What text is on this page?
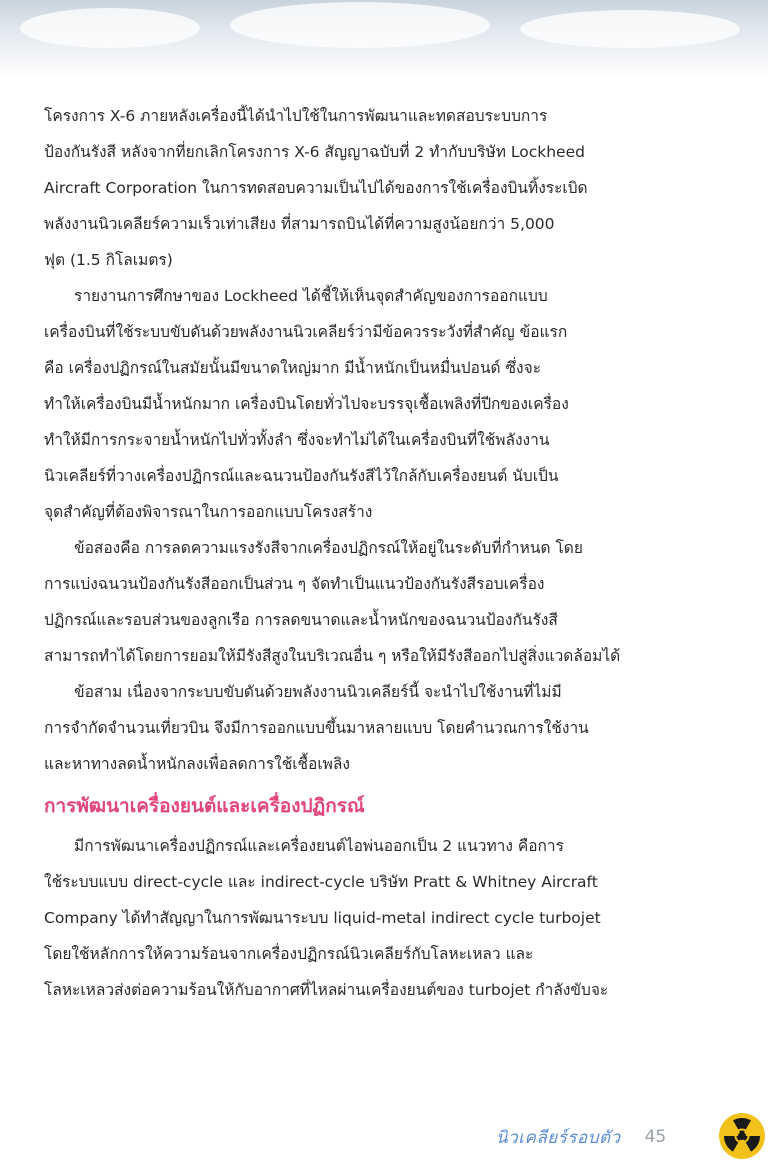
โครงการ X-6 ภายหลังเครื่องนี้ได้นำไปใช้ในการพัฒนาและทดสอบระบบการ
ป้องกันรังสี หลังจากที่ยกเลิกโครงการ X-6 สัญญาฉบับที่ 2 ทำกับบริษัท Lockheed
Aircraft Corporation ในการทดสอบความเป็นไปได้ของการใช้เครื่องบินทิ้งระเบิด
พลังงานนิวเคลียร์ความเร็วเท่าเสียง ที่สามารถบินได้ที่ความสูงน้อยกว่า 5,000
ฟุต (1.5 กิโลเมตร)

รายงานการศึกษาของ Lockheed ได้ชี้ให้เห็นจุดสำคัญของการออกแบบ
เครื่องบินที่ใช้ระบบขับดันด้วยพลังงานนิวเคลียร์ว่ามีข้อควรระวังที่สำคัญ ข้อแรก
คือ เครื่องปฏิกรณ์ในสมัยนั้นมีขนาดใหญ่มาก มีน้ำหนักเป็นหมื่นปอนด์ ซึ่งจะ
ทำให้เครื่องบินมีน้ำหนักมาก เครื่องบินโดยทั่วไปจะบรรจุเชื้อเพลิงที่ปีกของเครื่อง
ทำให้มีการกระจายน้ำหนักไปทั่วทั้งลำ ซึ่งจะทำไม่ได้ในเครื่องบินที่ใช้พลังงาน
นิวเคลียร์ที่วางเครื่องปฏิกรณ์และฉนวนป้องกันรังสีไว้ใกล้กับเครื่องยนต์ นับเป็น
จุดสำคัญที่ต้องพิจารณาในการออกแบบโครงสร้าง

ข้อสองคือ การลดความแรงรังสีจากเครื่องปฏิกรณ์ให้อยู่ในระดับที่กำหนด โดย
การแบ่งฉนวนป้องกันรังสีออกเป็นส่วน ๆ จัดทำเป็นแนวป้องกันรังสีรอบเครื่อง
ปฏิกรณ์และรอบส่วนของลูกเรือ การลดขนาดและน้ำหนักของฉนวนป้องกันรังสี
สามารถทำได้โดยการยอมให้มีรังสีสูงในบริเวณอื่น ๆ หรือให้มีรังสีออกไปสู่สิ่งแวดล้อมได้

ข้อสาม เนื่องจากระบบขับดันด้วยพลังงานนิวเคลียร์นี้ จะนำไปใช้งานที่ไม่มี
การจำกัดจำนวนเที่ยวบิน จึงมีการออกแบบขึ้นมาหลายแบบ โดยคำนวณการใช้งาน
และหาทางลดน้ำหนักลงเพื่อลดการใช้เชื้อเพลิง

การพัฒนาเครื่องยนต์และเครื่องปฏิกรณ์

มีการพัฒนาเครื่องปฏิกรณ์และเครื่องยนต์ไอพ่นออกเป็น 2 แนวทาง คือการ
ใช้ระบบแบบ direct-cycle และ indirect-cycle บริษัท Pratt & Whitney Aircraft
Company ได้ทำสัญญาในการพัฒนาระบบ liquid-metal indirect cycle turbojet
โดยใช้หลักการให้ความร้อนจากเครื่องปฏิกรณ์นิวเคลียร์กับโลหะเหลว และ
โลหะเหลวส่งต่อความร้อนให้กับอากาศที่ไหลผ่านเครื่องยนต์ของ turbojet กำลังขับจะ

นิวเคลียร์รอบตัว 45
